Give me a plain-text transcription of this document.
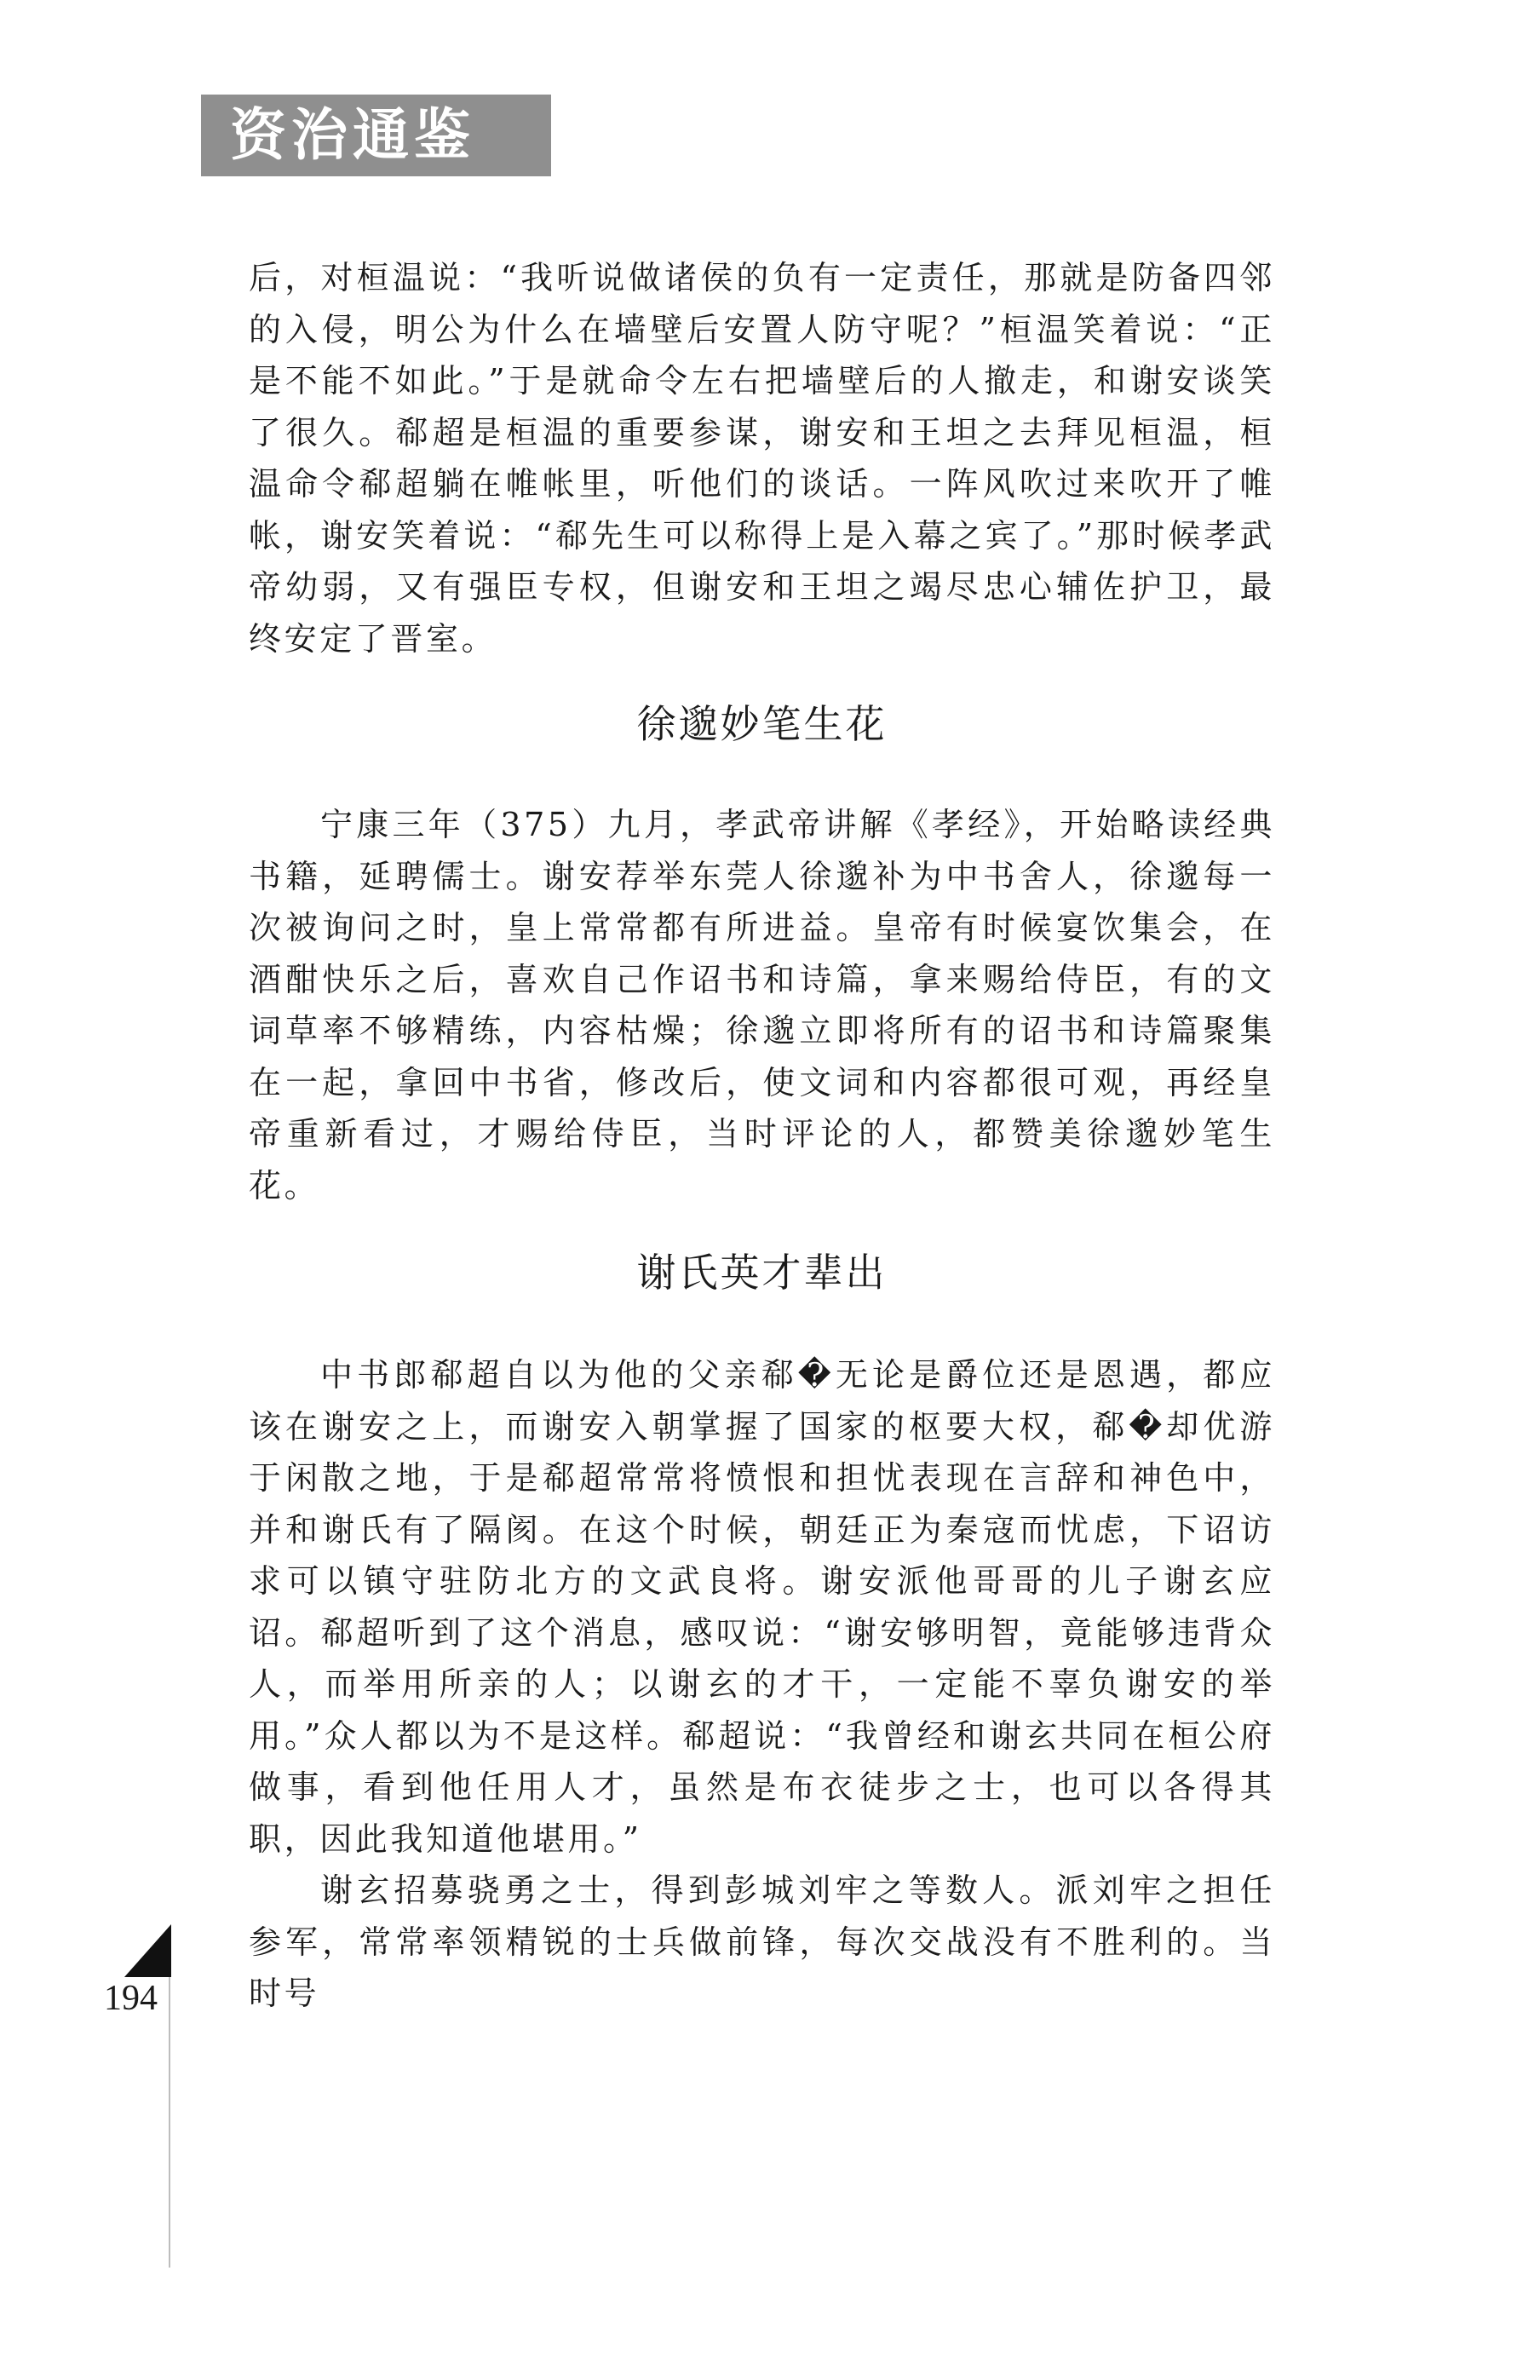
资治通鉴

后，对桓温说：“我听说做诸侯的负有一定责任，那就是防备四邻的入侵，明公为什么在墙壁后安置人防守呢？”桓温笑着说：“正是不能不如此。”于是就命令左右把墙壁后的人撤走，和谢安谈笑了很久。郗超是桓温的重要参谋，谢安和王坦之去拜见桓温，桓温命令郗超躺在帷帐里，听他们的谈话。一阵风吹过来吹开了帷帐，谢安笑着说：“郗先生可以称得上是入幕之宾了。”那时候孝武帝幼弱，又有强臣专权，但谢安和王坦之竭尽忠心辅佐护卫，最终安定了晋室。

徐邈妙笔生花

宁康三年（375）九月，孝武帝讲解《孝经》，开始略读经典书籍，延聘儒士。谢安荐举东莞人徐邈补为中书舍人，徐邈每一次被询问之时，皇上常常都有所进益。皇帝有时候宴饮集会，在酒酣快乐之后，喜欢自己作诏书和诗篇，拿来赐给侍臣，有的文词草率不够精练，内容枯燥；徐邈立即将所有的诏书和诗篇聚集在一起，拿回中书省，修改后，使文词和内容都很可观，再经皇帝重新看过，才赐给侍臣，当时评论的人，都赞美徐邈妙笔生花。

谢氏英才辈出

中书郎郗超自以为他的父亲郗�无论是爵位还是恩遇，都应该在谢安之上，而谢安入朝掌握了国家的枢要大权，郗�却优游于闲散之地，于是郗超常常将愤恨和担忧表现在言辞和神色中，并和谢氏有了隔阂。在这个时候，朝廷正为秦寇而忧虑，下诏访求可以镇守驻防北方的文武良将。谢安派他哥哥的儿子谢玄应诏。郗超听到了这个消息，感叹说：“谢安够明智，竟能够违背众人，而举用所亲的人；以谢玄的才干，一定能不辜负谢安的举用。”众人都以为不是这样。郗超说：“我曾经和谢玄共同在桓公府做事，看到他任用人才，虽然是布衣徒步之士，也可以各得其职，因此我知道他堪用。”

谢玄招募骁勇之士，得到彭城刘牢之等数人。派刘牢之担任参军，常常率领精锐的士兵做前锋，每次交战没有不胜利的。当时号

194
